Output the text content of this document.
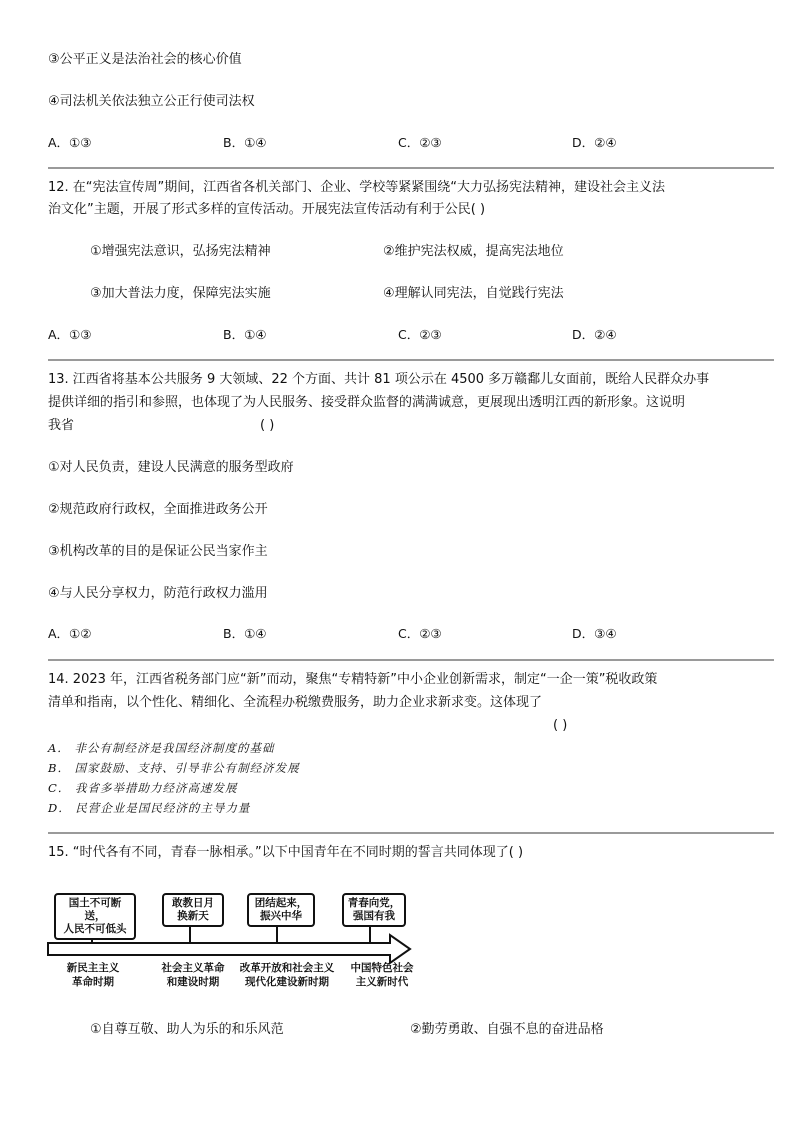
③公平正义是法治社会的核心价值
④司法机关依法独立公正行使司法权
A．①③	B．①④	C．②③	D．②④
12. 在“宪法宣传周”期间，江西省各机关部门、企业、学校等紧紧围绕“大力弘扬宪法精神，建设社会主义法
治文化”主题，开展了形式多样的宣传活动。开展宪法宣传活动有利于公民( )
①增强宪法意识，弘扬宪法精神	②维护宪法权威，提高宪法地位
③加大普法力度，保障宪法实施	④理解认同宪法，自觉践行宪法
A．①③	B．①④	C．②③	D．②④
13. 江西省将基本公共服务 9 大领域、22 个方面、共计 81 项公示在 4500 多万赣鄱儿女面前，既给人民群众办事
提供详细的指引和参照，也体现了为人民服务、接受群众监督的满满诚意，更展现出透明江西的新形象。这说明
我省	( )
①对人民负责，建设人民满意的服务型政府
②规范政府行政权，全面推进政务公开
③机构改革的目的是保证公民当家作主
④与人民分享权力，防范行政权力滥用
A．①②	B．①④	C．②③	D．③④
14. 2023 年，江西省税务部门应“新”而动，聚焦“专精特新”中小企业创新需求，制定“一企一策”税收政策
清单和指南，以个性化、精细化、全流程办税缴费服务，助力企业求新求变。这体现了
( )
A． 非公有制经济是我国经济制度的基础
B． 国家鼓励、支持、引导非公有制经济发展
C． 我省多举措助力经济高速发展
D． 民营企业是国民经济的主导力量
15. “时代各有不同，青春一脉相承。”以下中国青年在不同时期的誓言共同体现了( )
国土不可断送，
人民不可低头
敢教日月
换新天
团结起来，
振兴中华
青春向党，
强国有我
新民主主义
革命时期
社会主义革命
和建设时期
改革开放和社会主义
现代化建设新时期
中国特色社会
主义新时代
①自尊互敬、助人为乐的和乐风范	②勤劳勇敢、自强不息的奋进品格
